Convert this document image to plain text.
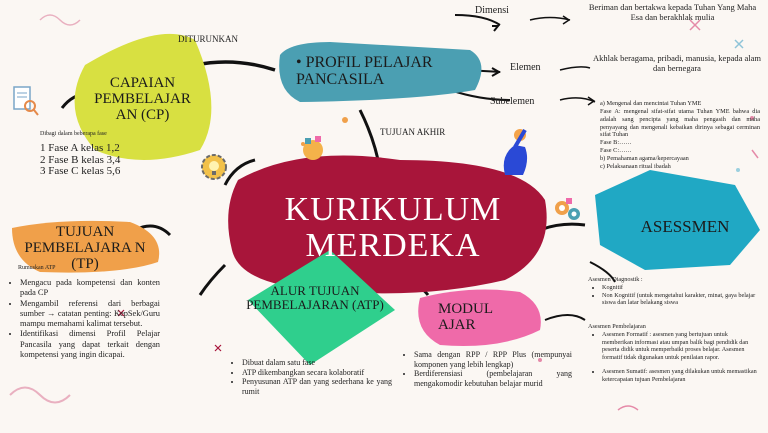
KURIKULUM MERDEKA
DITURUNKAN
TUJUAN AKHIR
CAPAIAN PEMBELAJAR AN (CP)
Dibagi dalam beberapa fase
1 Fase A kelas 1,2
2 Fase B kelas 3,4
3 Fase C kelas 5,6
• PROFIL PELAJAR PANCASILA
Dimensi	Beriman dan bertakwa kepada Tuhan Yang Maha Esa dan berakhlak mulia
Elemen
Akhlak beragama, pribadi, manusia, kepada alam dan bernegara
Subelemen	a) Mengenal dan mencintai Tuhan YME
Fase A: mengenal sifat-sifat utama Tuhan YME bahwa dia adalah sang pencipta yang maha pengasih dan maha penyayang dan mengenali kebaikan dirinya sebagai cerminan sifat Tuhan
Fase B:……
Fase C:……
b) Pemahaman agama/kepercayaan
c) Pelaksanaan ritual ibadah
TUJUAN PEMBELAJARA N (TP)
Rumuskan ATP
• Mengacu pada kompetensi dan konten pada CP
• Mengambil referensi dari berbagai sumber → catatan penting: KepSek/Guru mampu memahami kalimat tersebut.
• Identifikasi dimensi Profil Pelajar Pancasila yang dapat terkait dengan kompetensi yang ingin dicapai.
ALUR TUJUAN PEMBELAJARAN (ATP)
• Dibuat dalam satu fase
• ATP dikembangkan secara kolaboratif
• Penyusunan ATP dan yang sederhana ke yang rumit
MODUL AJAR
• Sama dengan RPP / RPP Plus (mempunyai komponen yang lebih lengkap)
• Berdiferensiasi (pembelajaran yang mengakomodir kebutuhan belajar murid
ASESSMEN
Asesmen Diagnostik :
• Kognitif
• Non Kognitif (untuk mengetahui karakter, minat, gaya belajar siswa dan latar belakang siswa
Asesmen Pembelajaran
• Asesmen Formatif : asesmen yang bertujuan untuk memberikan informasi atau umpan balik bagi pendidik dan peserta didik untuk memperbaiki proses belajar. Asesmen formatif tidak digunakan untuk penilaian rapor.
• Asesmen Sumatif: asesmen yang dilakukan untuk memastikan ketercapaian tujuan Pembelajaran
